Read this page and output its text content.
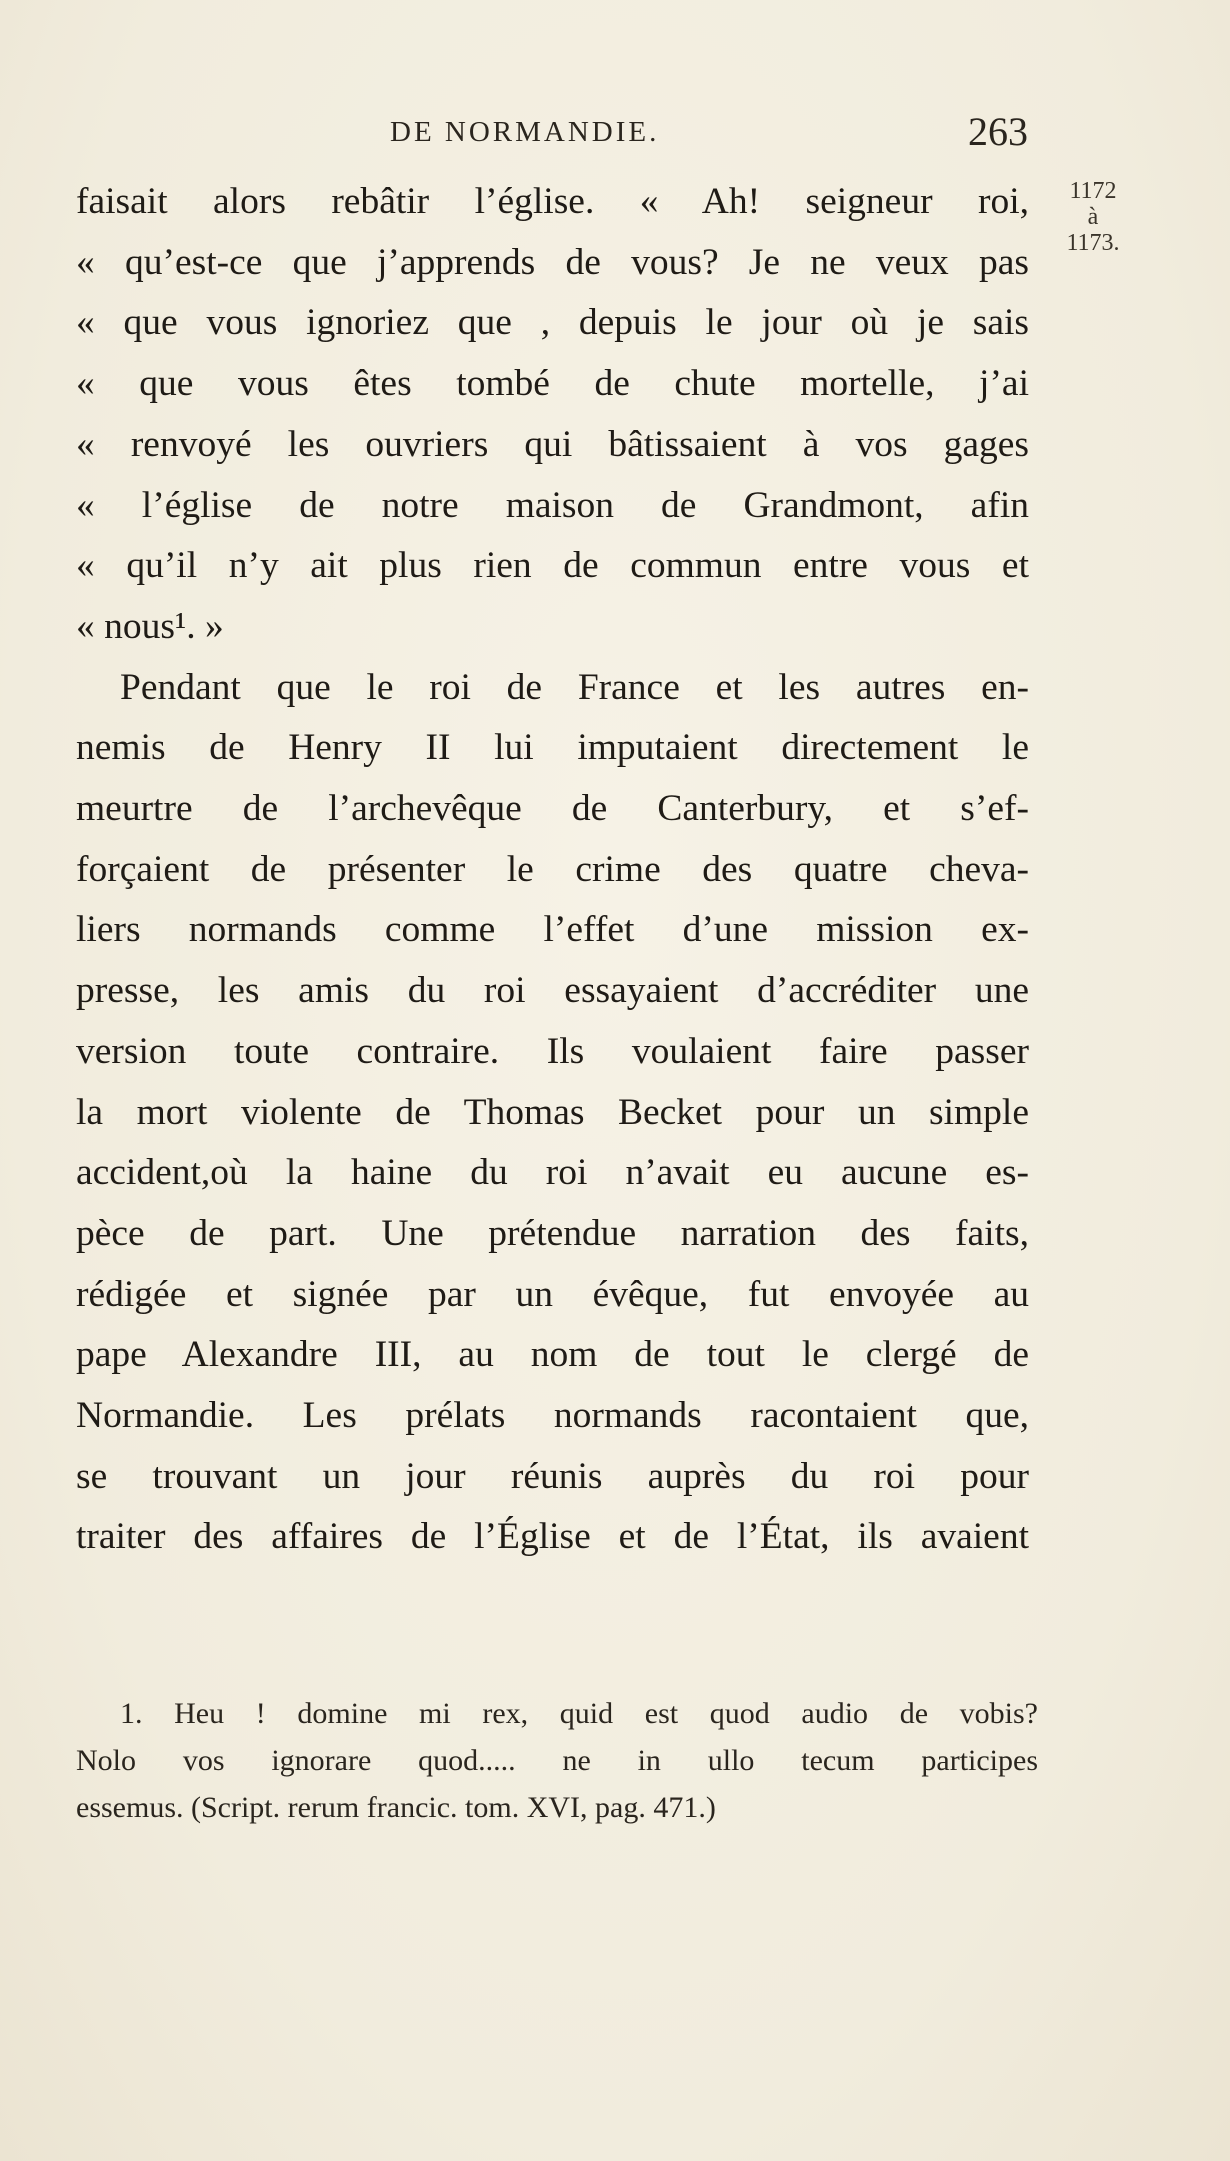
DE NORMANDIE.	263
1172
à
1173.
faisait alors rebâtir l’église. « Ah! seigneur roi,
« qu’est-ce que j’apprends de vous? Je ne veux pas
« que vous ignoriez que , depuis le jour où je sais
« que vous êtes tombé de chute mortelle, j’ai
« renvoyé les ouvriers qui bâtissaient à vos gages
« l’église de notre maison de Grandmont, afin
« qu’il n’y ait plus rien de commun entre vous et
« nous¹. »
Pendant que le roi de France et les autres en-
nemis de Henry II lui imputaient directement le
meurtre de l’archevêque de Canterbury, et s’ef-
forçaient de présenter le crime des quatre cheva-
liers normands comme l’effet d’une mission ex-
presse, les amis du roi essayaient d’accréditer une
version toute contraire. Ils voulaient faire passer
la mort violente de Thomas Becket pour un simple
accident,où la haine du roi n’avait eu aucune es-
pèce de part. Une prétendue narration des faits,
rédigée et signée par un évêque, fut envoyée au
pape Alexandre III, au nom de tout le clergé de
Normandie. Les prélats normands racontaient que,
se trouvant un jour réunis auprès du roi pour
traiter des affaires de l’Église et de l’État, ils avaient
1. Heu ! domine mi rex, quid est quod audio de vobis?
Nolo vos ignorare quod..... ne in ullo tecum participes
essemus. (Script. rerum francic. tom. XVI, pag. 471.)
